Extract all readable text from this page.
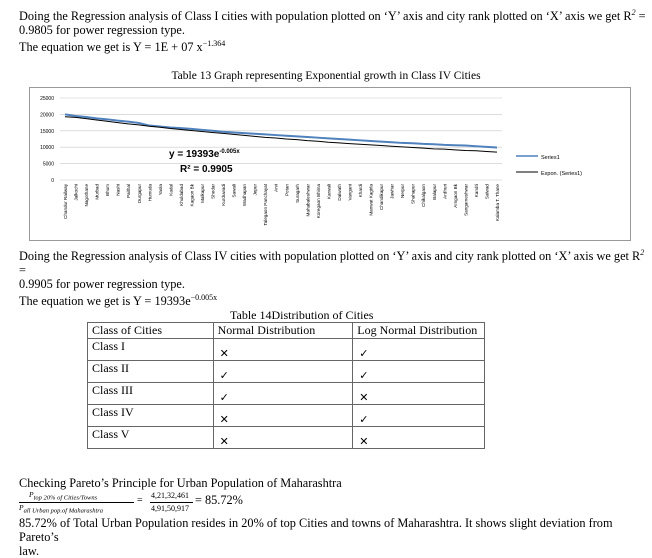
Doing the Regression analysis of Class I cities with population plotted on ‘Y’ axis and city rank plotted on ‘X’ axis we get $R^2$ =
0.9805 for power regression type.
The equation we get is Y = 1E + 07 $x^{-1.364}$
Table 13 Graph representing Exponential growth in Class IV Cities
0
5000
10000
15000
20000
25000
Chandur Railway Jalkochi Nagothane Murbad Bhum Nashi Paithal Durgapur Humuda Yaola Kadal Khuldabad Kagaon Bk Malkapur Shedar Kurduwadi Sawali Wadhapan Jepur Talegaon Panchayat Arvi Potan Suragarh Mahabaleshwar Koregaon Bhima Karwali Dalwath Vangani Khardi Manwat Kagirla Chandikapur Jawhar Nerpur Shahapur Chikalgaon Balapur Ardhuri Amgaon Bk Sangameshwar Kandri Salwad Kalamba T. Thane
Series1
Expon. (Series1)
$y = 19393e^{-0.005x}$
R² = 0.9905
Doing the Regression analysis of Class IV cities with population plotted on ‘Y’ axis and city rank plotted on ‘X’ axis we get $R^2$ =
0.9905 for power regression type.
The equation we get is $Y = 19393e^{-0.005x}$
Table 14Distribution of Cities
Class of Cities	Normal Distribution	Log Normal Distribution
Class I	✕	✓
Class II	✓	✓
Class III	✓	✕
Class IV	✕	✓
Class V	✕	✕
Checking Pareto’s Principle for Urban Population of Maharashtra
$P_{top 20\% of Cities/Towns}$
$P_{all Urban pop.of Maharashtra}$
= 4,21,32,461
4,91,50,917
= 85.72%
85.72% of Total Urban Population resides in 20% of top Cities and towns of Maharashtra. It shows slight deviation from Pareto’s
law.
